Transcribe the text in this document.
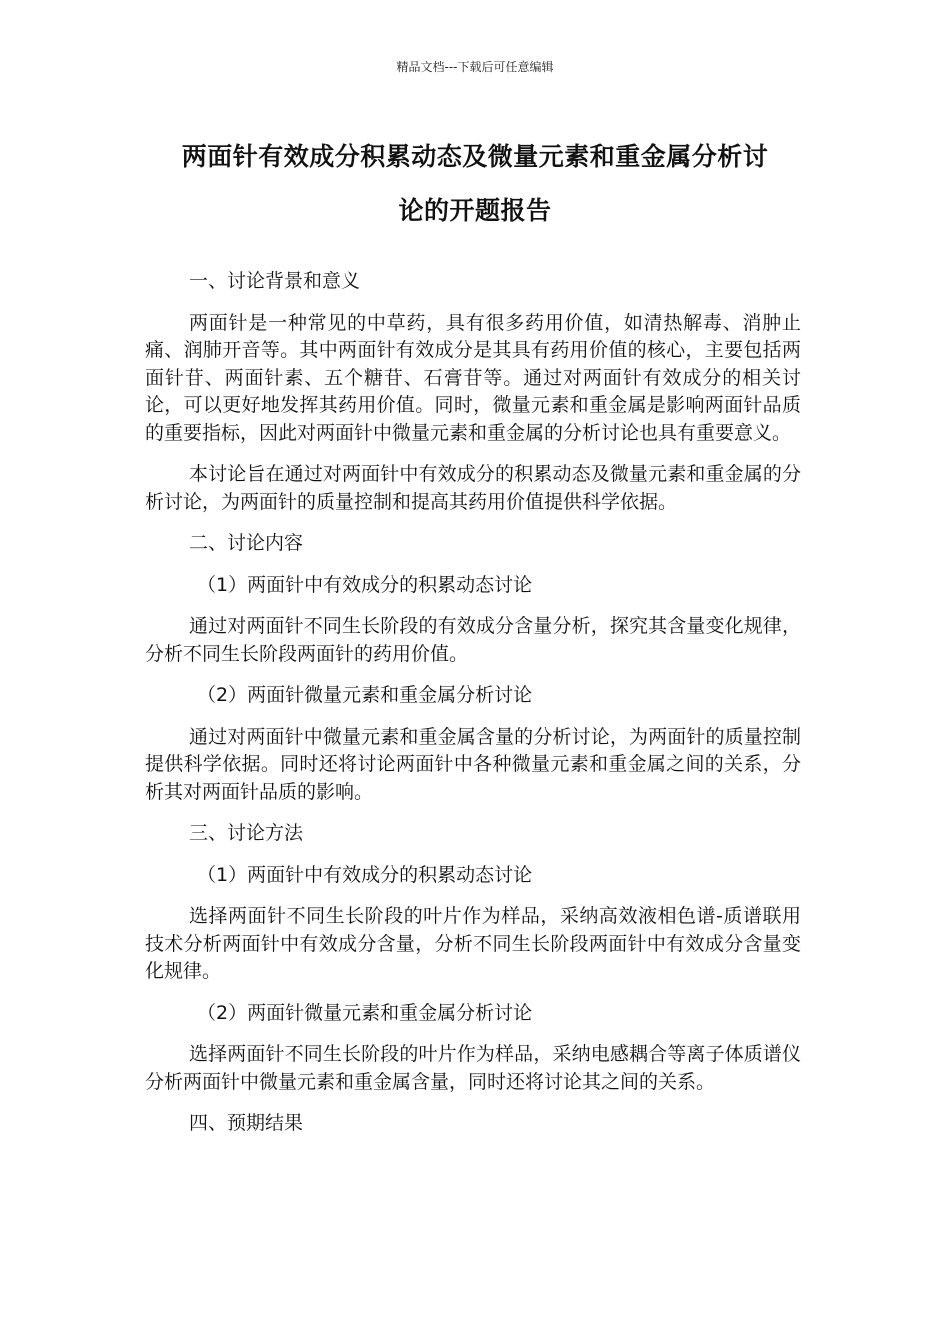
精品文档---下载后可任意编辑
两面针有效成分积累动态及微量元素和重金属分析讨
论的开题报告

一、讨论背景和意义

两面针是一种常见的中草药，具有很多药用价值，如清热解毒、消肿止痛、润肺开音等。其中两面针有效成分是其具有药用价值的核心，主要包括两面针苷、两面针素、五个糖苷、石膏苷等。通过对两面针有效成分的相关讨论，可以更好地发挥其药用价值。同时，微量元素和重金属是影响两面针品质的重要指标，因此对两面针中微量元素和重金属的分析讨论也具有重要意义。

本讨论旨在通过对两面针中有效成分的积累动态及微量元素和重金属的分析讨论，为两面针的质量控制和提高其药用价值提供科学依据。

二、讨论内容

（1）两面针中有效成分的积累动态讨论

通过对两面针不同生长阶段的有效成分含量分析，探究其含量变化规律，分析不同生长阶段两面针的药用价值。

（2）两面针微量元素和重金属分析讨论

通过对两面针中微量元素和重金属含量的分析讨论，为两面针的质量控制提供科学依据。同时还将讨论两面针中各种微量元素和重金属之间的关系，分析其对两面针品质的影响。

三、讨论方法

（1）两面针中有效成分的积累动态讨论

选择两面针不同生长阶段的叶片作为样品，采纳高效液相色谱-质谱联用技术分析两面针中有效成分含量，分析不同生长阶段两面针中有效成分含量变化规律。

（2）两面针微量元素和重金属分析讨论

选择两面针不同生长阶段的叶片作为样品，采纳电感耦合等离子体质谱仪分析两面针中微量元素和重金属含量，同时还将讨论其之间的关系。

四、预期结果
